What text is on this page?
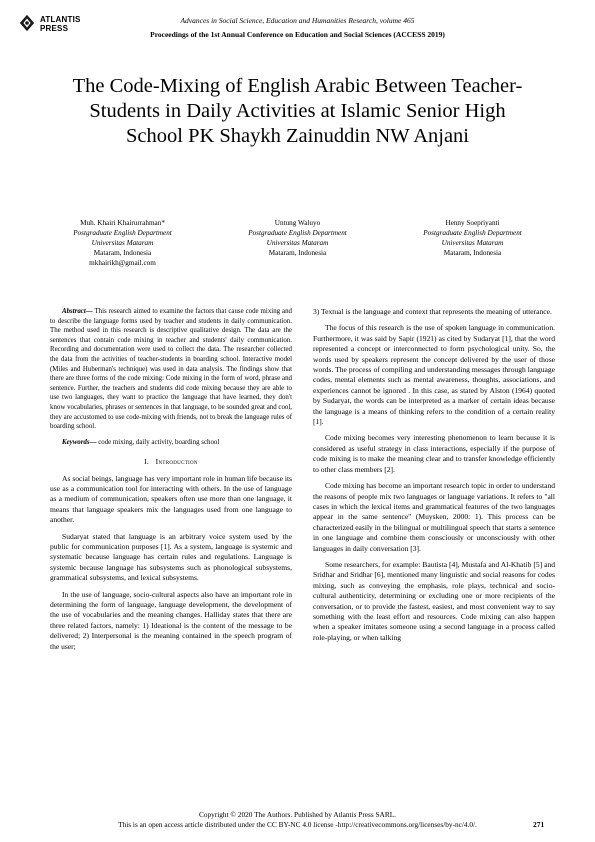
ATLANTIS
PRESS
Advances in Social Science, Education and Humanities Research, volume 465
Proceedings of the 1st Annual Conference on Education and Social Sciences (ACCESS 2019)
The Code-Mixing of English Arabic Between Teacher-Students in Daily Activities at Islamic Senior High School PK Shaykh Zainuddin NW Anjani
Muh. Khairi Khairurrahman*
Postgraduate English Department
Universitas Mataram
Mataram, Indonesia
mkhairikh@gmail.com
Untung Waluyo
Postgraduate English Department
Universitas Mataram
Mataram, Indonesia
Henny Soepriyanti
Postgraduate English Department
Universitas Mataram
Mataram, Indonesia

Abstract— This research aimed to examine the factors that cause code mixing and to describe the language forms used by teacher and students in daily communication. The method used in this research is descriptive qualitative design. The data are the sentences that contain code mixing in teacher and students' daily communication. Recording and documentation were used to collect the data. The researcher collected the data from the activities of teacher-students in boarding school. Interactive model (Miles and Huberman's technique) was used in data analysis. The findings show that there are three forms of the code mixing: Code mixing in the form of word, phrase and sentence. Further, the teachers and students did code mixing because they are able to use two languages, they want to practice the language that have learned, they don't know vocabularies, phrases or sentences in that language, to be sounded great and cool, they are accustomed to use code-mixing with friends, not to break the language rules of boarding school.

Keywords— code mixing, daily activity, boarding school

I. Introduction

As social beings, language has very important role in human life because its use as a communication tool for interacting with others. In the use of language as a medium of communication, speakers often use more than one language, it means that language speakers mix the languages used from one language to another.

Sudaryat stated that language is an arbitrary voice system used by the public for communication purposes [1]. As a system, language is systemic and systematic because language has certain rules and regulations. Language is systemic because language has subsystems such as phonological subsystems, grammatical subsystems, and lexical subsystems.

In the use of language, socio-cultural aspects also have an important role in determining the form of language, language development, the development of the use of vocabularies and the meaning changes. Halliday states that there are three related factors, namely: 1) Ideational is the content of the message to be delivered; 2) Interpersonal is the meaning contained in the speech program of the user;

3) Textual is the language and context that represents the meaning of utterance.

The focus of this research is the use of spoken language in communication. Furthermore, it was said by Sapir (1921) as cited by Sudaryat [1], that the word represented a concept or interconnected to form psychological unity. So, the words used by speakers represent the concept delivered by the user of those words. The process of compiling and understanding messages through language codes, mental elements such as mental awareness, thoughts, associations, and experiences cannot be ignored . In this case, as stated by Alston (1964) quoted by Sudaryat, the words can be interpreted as a marker of certain ideas because the language is a means of thinking refers to the condition of a certain reality [1].

Code mixing becomes very interesting phenomenon to learn because it is considered as useful strategy in class interactions, especially if the purpose of code mixing is to make the meaning clear and to transfer knowledge efficiently to other class members [2].

Code mixing has become an important research topic in order to understand the reasons of people mix two languages or language variations. It refers to "all cases in which the lexical items and grammatical features of the two languages appear in the same sentence" (Muysken, 2000: 1). This process can be characterized easily in the bilingual or multilingual speech that starts a sentence in one language and combine them consciously or unconsciously with other languages in daily conversation [3].

Some researchers, for example: Bautista [4], Mustafa and Al-Khatib [5] and Sridhar and Sridhar [6], mentioned many linguistic and social reasons for codes mixing, such as conveying the emphasis, role plays, technical and socio-cultural authenticity, determining or excluding one or more recipients of the conversation, or to provide the fastest, easiest, and most convenient way to say something with the least effort and resources. Code mixing can also happen when a speaker imitates someone using a second language in a process called role-playing, or when talking

Copyright © 2020 The Authors. Published by Atlantis Press SARL.
This is an open access article distributed under the CC BY-NC 4.0 license -http://creativecommons.org/licenses/by-nc/4.0/.	271
